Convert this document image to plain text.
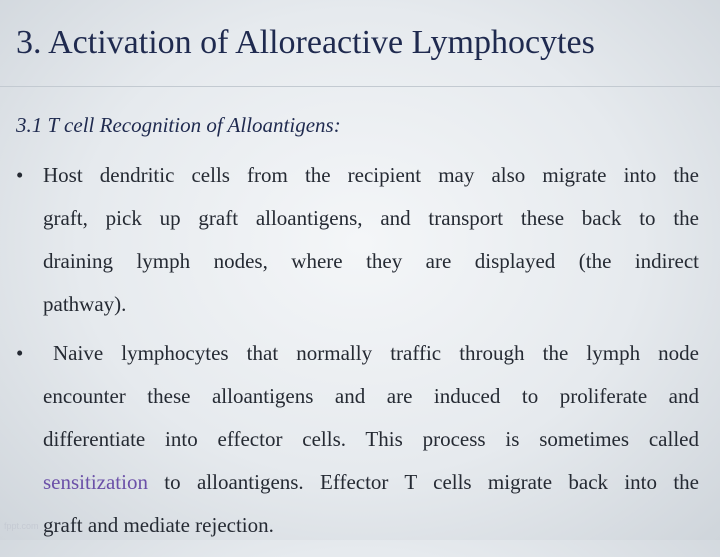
3. Activation of Alloreactive Lymphocytes
3.1 T cell Recognition of Alloantigens:
• Host dendritic cells from the recipient may also migrate into the
graft, pick up graft alloantigens, and transport these back to the
draining lymph nodes, where they are displayed (the indirect
pathway).
• Naive lymphocytes that normally traffic through the lymph node
encounter these alloantigens and are induced to proliferate and
differentiate into effector cells. This process is sometimes called
sensitization to alloantigens. Effector T cells migrate back into the
graft and mediate rejection.
fppt.com
